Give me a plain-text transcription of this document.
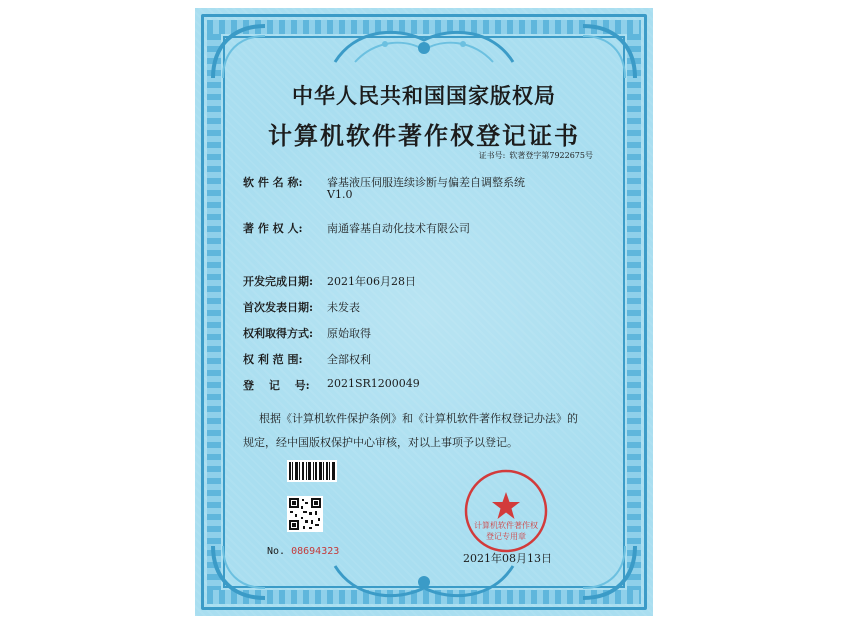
中华人民共和国国家版权局
计算机软件著作权登记证书
证书号: 软著登字第7922675号
软 件 名 称:	睿基液压伺服连续诊断与偏差自调整系统
V1.0
著 作 权 人:	南通睿基自动化技术有限公司
开发完成日期:	2021年06月28日
首次发表日期:	未发表
权利取得方式:	原始取得
权 利 范 围:	全部权利
登　 记　 号:	2021SR1200049
根据《计算机软件保护条例》和《计算机软件著作权登记办法》的
规定，经中国版权保护中心审核，对以上事项予以登记。
No. 08694323
计算机软件著作权
登记专用章
2021年08月13日
